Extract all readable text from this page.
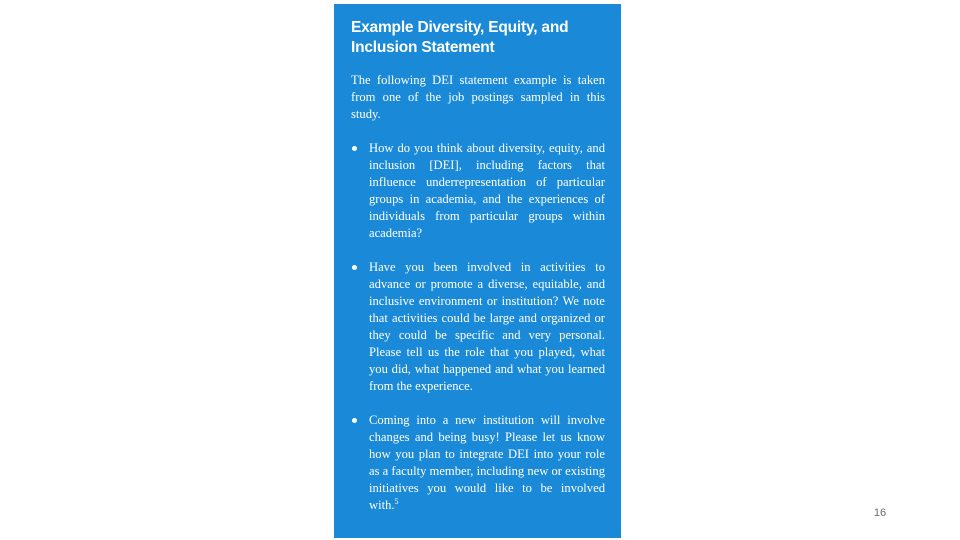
Example Diversity, Equity, and Inclusion Statement
The following DEI statement example is taken from one of the job postings sampled in this study.
How do you think about diversity, equity, and inclusion [DEI], including factors that influence underrepresentation of particular groups in academia, and the experiences of individuals from particular groups within academia?
Have you been involved in activities to advance or promote a diverse, equitable, and inclusive environment or institution? We note that activities could be large and organized or they could be specific and very personal. Please tell us the role that you played, what you did, what happened and what you learned from the experience.
Coming into a new institution will involve changes and being busy! Please let us know how you plan to integrate DEI into your role as a faculty member, including new or existing initiatives you would like to be involved with.$^5$
16
